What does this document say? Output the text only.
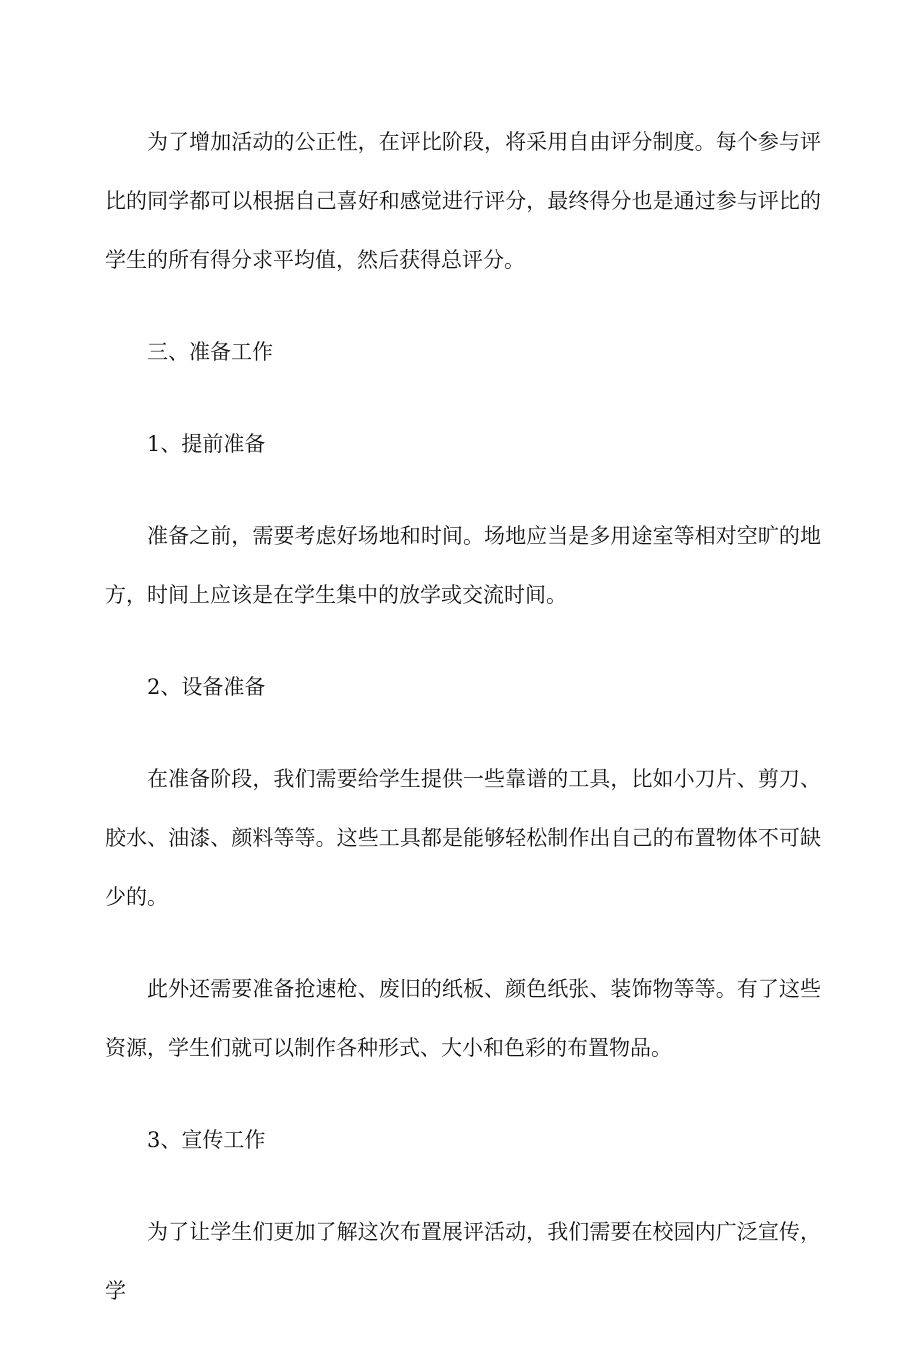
为了增加活动的公正性，在评比阶段，将采用自由评分制度。每个参与评比的同学都可以根据自己喜好和感觉进行评分，最终得分也是通过参与评比的学生的所有得分求平均值，然后获得总评分。

三、准备工作

1、提前准备

准备之前，需要考虑好场地和时间。场地应当是多用途室等相对空旷的地方，时间上应该是在学生集中的放学或交流时间。

2、设备准备

在准备阶段，我们需要给学生提供一些靠谱的工具，比如小刀片、剪刀、胶水、油漆、颜料等等。这些工具都是能够轻松制作出自己的布置物体不可缺少的。

此外还需要准备抢速枪、废旧的纸板、颜色纸张、装饰物等等。有了这些资源，学生们就可以制作各种形式、大小和色彩的布置物品。

3、宣传工作

为了让学生们更加了解这次布置展评活动，我们需要在校园内广泛宣传，学
